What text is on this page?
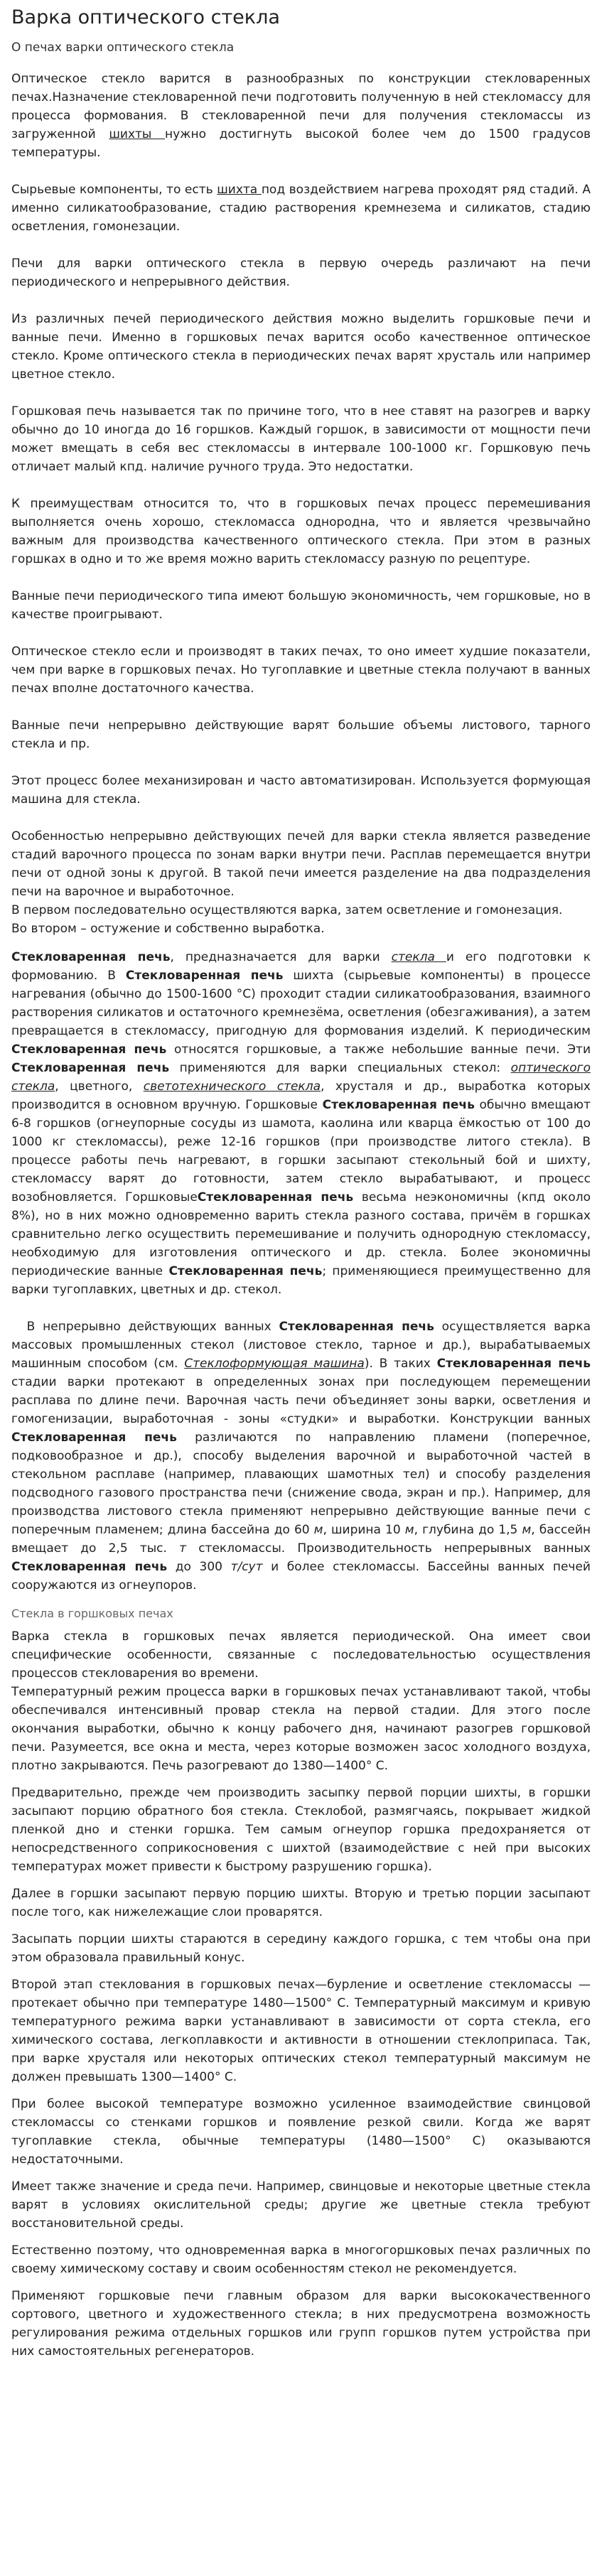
Варка оптического стекла
О печах варки оптического стекла

Оптическое стекло варится в разнообразных по конструкции стекловаренных печах.Назначение стекловаренной печи подготовить полученную в ней стекломассу для процесса формования. В стекловаренной печи для получения стекломассы из загруженной шихты нужно достигнуть высокой более чем до 1500 градусов температуры.

Сырьевые компоненты, то есть шихта под воздействием нагрева проходят ряд стадий. А именно силикатообразование, стадию растворения кремнезема и силикатов, стадию осветления, гомонезации.

Печи для варки оптического стекла в первую очередь различают на печи периодического и непрерывного действия.

Из различных печей периодического действия можно выделить горшковые печи и ванные печи. Именно в горшковых печах варится особо качественное оптическое стекло. Кроме оптического стекла в периодических печах варят хрусталь или например цветное стекло.

Горшковая печь называется так по причине того, что в нее ставят на разогрев и варку обычно до 10 иногда до 16 горшков. Каждый горшок, в зависимости от мощности печи может вмещать в себя вес стекломассы в интервале 100-1000 кг. Горшковую печь отличает малый кпд. наличие ручного труда. Это недостатки.

К преимуществам относится то, что в горшковых печах процесс перемешивания выполняется очень хорошо, стекломасса однородна, что и является чрезвычайно важным для производства качественного оптического стекла. При этом в разных горшках в одно и то же время можно варить стекломассу разную по рецептуре.

Ванные печи периодического типа имеют большую экономичность, чем горшковые, но в качестве проигрывают.

Оптическое стекло если и производят в таких печах, то оно имеет худшие показатели, чем при варке в горшковых печах. Но тугоплавкие и цветные стекла получают в ванных печах вполне достаточного качества.

Ванные печи непрерывно действующие варят большие объемы листового, тарного стекла и пр.

Этот процесс более механизирован и часто автоматизирован. Используется формующая машина для стекла.

Особенностью непрерывно действующих печей для варки стекла является разведение стадий варочного процесса по зонам варки внутри печи. Расплав перемещается внутри печи от одной зоны к другой. В такой печи имеется разделение на два подразделения печи на варочное и выработочное.

В первом последовательно осуществляются варка, затем осветление и гомонезация.

Во втором – остужение и собственно выработка.

Стекловаренная печь, предназначается для варки стекла и его подготовки к формованию. В Стекловаренная печь шихта (сырьевые компоненты) в процессе нагревания (обычно до 1500-1600 °С) проходит стадии силикатообразования, взаимного растворения силикатов и остаточного кремнезёма, осветления (обезгаживания), а затем превращается в стекломассу, пригодную для формования изделий. К периодическим Стекловаренная печь относятся горшковые, а также небольшие ванные печи. Эти Стекловаренная печь применяются для варки специальных стекол: оптического стекла, цветного, светотехнического стекла, хрусталя и др., выработка которых производится в основном вручную. Горшковые Стекловаренная печь обычно вмещают 6-8 горшков (огнеупорные сосуды из шамота, каолина или кварца ёмкостью от 100 до 1000 кг стекломассы), реже 12-16 горшков (при производстве литого стекла). В процессе работы печь нагревают, в горшки засыпают стекольный бой и шихту, стекломассу варят до готовности, затем стекло вырабатывают, и процесс возобновляется. ГоршковыеСтекловаренная печь весьма неэкономичны (кпд около 8%), но в них можно одновременно варить стекла разного состава, причём в горшках сравнительно легко осуществить перемешивание и получить однородную стекломассу, необходимую для изготовления оптического и др. стекла. Более экономичны периодические ванные Стекловаренная печь; применяющиеся преимущественно для варки тугоплавких, цветных и др. стекол.

В непрерывно действующих ванных Стекловаренная печь осуществляется варка массовых промышленных стекол (листовое стекло, тарное и др.), вырабатываемых машинным способом (см. Стеклоформующая машина). В таких Стекловаренная печь стадии варки протекают в определенных зонах при последующем перемещении расплава по длине печи. Варочная часть печи объединяет зоны варки, осветления и гомогенизации, выработочная - зоны «студки» и выработки. Конструкции ванных Стекловаренная печь различаются по направлению пламени (поперечное, подковообразное и др.), способу выделения варочной и выработочной частей в стекольном расплаве (например, плавающих шамотных тел) и способу разделения подсводного газового пространства печи (снижение свода, экран и пр.). Например, для производства листового стекла применяют непрерывно действующие ванные печи с поперечным пламенем; длина бассейна до 60 м, ширина 10 м, глубина до 1,5 м, бассейн вмещает до 2,5 тыс. т стекломассы. Производительность непрерывных ванных Стекловаренная печь до 300 т/сут и более стекломассы. Бассейны ванных печей сооружаются из огнеупоров.

Стекла в горшковых печах

Варка стекла в горшковых печах является периодической. Она имеет свои специфические особенности, связанные с последовательностью осуществления процессов стекловарения во времени.

Температурный режим процесса варки в горшковых печах устанавливают такой, чтобы обеспечивался интенсивный провар стекла на первой стадии. Для этого после окончания выработки, обычно к концу рабочего дня, начинают разогрев горшковой печи. Разумеется, все окна и места, через которые возможен засос холодного воздуха, плотно закрываются. Печь разогревают до 1380—1400° С.

Предварительно, прежде чем производить засыпку первой порции шихты, в горшки засыпают порцию обратного боя стекла. Стеклобой, размягчаясь, покрывает жидкой пленкой дно и стенки горшка. Тем самым огнеупор горшка предохраняется от непосредственного соприкосновения с шихтой (взаимодействие с ней при высоких температурах может привести к быстрому разрушению горшка).

Далее в горшки засыпают первую порцию шихты. Вторую и третью порции засыпают после того, как нижележащие слои проварятся.

Засыпать порции шихты стараются в середину каждого горшка, с тем чтобы она при этом образовала правильный конус.

Второй этап стеклования в горшковых печах—бурление и осветление стекломассы — протекает обычно при температуре 1480—1500° С. Температурный максимум и кривую температурного режима варки устанавливают в зависимости от сорта стекла, его химического состава, легкоплавкости и активности в отношении стеклоприпаса. Так, при варке хрусталя или некоторых оптических стекол температурный максимум не должен превышать 1300—1400° С.

При более высокой температуре возможно усиленное взаимодействие свинцовой стекломассы со стенками горшков и появление резкой свили. Когда же варят тугоплавкие стекла, обычные температуры (1480—1500° С) оказываются недостаточными.

Имеет также значение и среда печи. Например, свинцовые и некоторые цветные стекла варят в условиях окислительной среды; другие же цветные стекла требуют восстановительной среды.

Естественно поэтому, что одновременная варка в многогоршковых печах различных по своему химическому составу и своим особенностям стекол не рекомендуется.

Применяют горшковые печи главным образом для варки высококачественного сортового, цветного и художественного стекла; в них предусмотрена возможность регулирования режима отдельных горшков или групп горшков путем устройства при них самостоятельных регенераторов.
